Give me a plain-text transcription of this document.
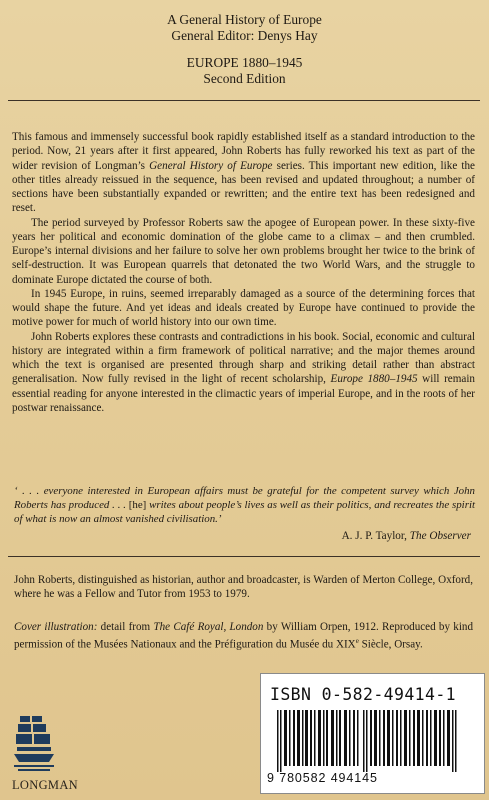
A General History of Europe
General Editor: Denys Hay
EUROPE 1880–1945
Second Edition

This famous and immensely successful book rapidly established itself as a standard introduction to the period. Now, 21 years after it first appeared, John Roberts has fully reworked his text as part of the wider revision of Longman’s General History of Europe series. This important new edition, like the other titles already reissued in the sequence, has been revised and updated throughout; a number of sections have been substantially expanded or rewritten; and the entire text has been redesigned and reset.

The period surveyed by Professor Roberts saw the apogee of European power. In these sixty-five years her political and economic domination of the globe came to a climax – and then crumbled. Europe’s internal divisions and her failure to solve her own problems brought her twice to the brink of self-destruction. It was European quarrels that detonated the two World Wars, and the struggle to dominate Europe dictated the course of both.

In 1945 Europe, in ruins, seemed irreparably damaged as a source of the determining forces that would shape the future. And yet ideas and ideals created by Europe have continued to provide the motive power for much of world history into our own time.

John Roberts explores these contrasts and contradictions in his book. Social, economic and cultural history are integrated within a firm framework of political narrative; and the major themes around which the text is organised are presented through sharp and striking detail rather than abstract generalisation. Now fully revised in the light of recent scholarship, Europe 1880–1945 will remain essential reading for anyone interested in the climactic years of imperial Europe, and in the roots of her postwar renaissance.

‘ . . . everyone interested in European affairs must be grateful for the competent survey which John Roberts has produced . . . [he] writes about people’s lives as well as their politics, and recreates the spirit of what is now an almost vanished civilisation.’
A. J. P. Taylor, The Observer
John Roberts, distinguished as historian, author and broadcaster, is Warden of Merton College, Oxford, where he was a Fellow and Tutor from 1953 to 1979.
Cover illustration: detail from The Café Royal, London by William Orpen, 1912. Reproduced by kind permission of the Musées Nationaux and the Préfiguration du Musée du XIXe Siècle, Orsay.
LONGMAN
ISBN 0-582-49414-1
9 780582 494145
